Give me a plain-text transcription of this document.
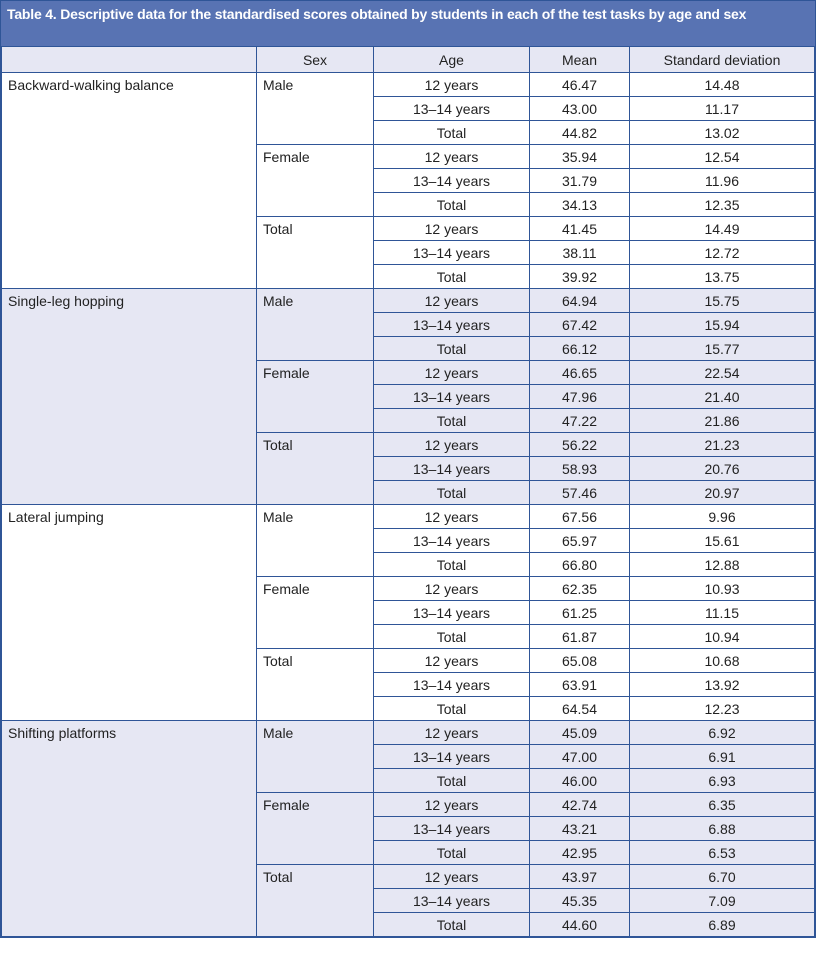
Table 4. Descriptive data for the standardised scores obtained by students in each of the test tasks by age and sex
	Sex	Age	Mean	Standard deviation
Backward-walking balance	Male	12 years	46.47	14.48
		13–14 years	43.00	11.17
		Total	44.82	13.02
	Female	12 years	35.94	12.54
		13–14 years	31.79	11.96
		Total	34.13	12.35
	Total	12 years	41.45	14.49
		13–14 years	38.11	12.72
		Total	39.92	13.75
Single-leg hopping	Male	12 years	64.94	15.75
		13–14 years	67.42	15.94
		Total	66.12	15.77
	Female	12 years	46.65	22.54
		13–14 years	47.96	21.40
		Total	47.22	21.86
	Total	12 years	56.22	21.23
		13–14 years	58.93	20.76
		Total	57.46	20.97
Lateral jumping	Male	12 years	67.56	9.96
		13–14 years	65.97	15.61
		Total	66.80	12.88
	Female	12 years	62.35	10.93
		13–14 years	61.25	11.15
		Total	61.87	10.94
	Total	12 years	65.08	10.68
		13–14 years	63.91	13.92
		Total	64.54	12.23
Shifting platforms	Male	12 years	45.09	6.92
		13–14 years	47.00	6.91
		Total	46.00	6.93
	Female	12 years	42.74	6.35
		13–14 years	43.21	6.88
		Total	42.95	6.53
	Total	12 years	43.97	6.70
		13–14 years	45.35	7.09
		Total	44.60	6.89
